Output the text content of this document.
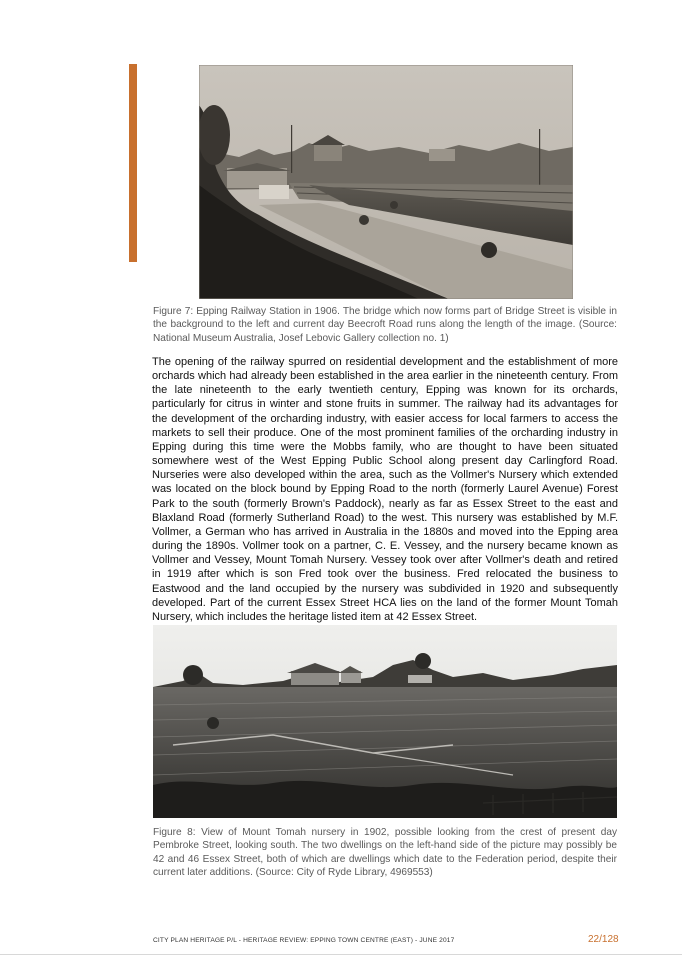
Figure 7: Epping Railway Station in 1906. The bridge which now forms part of Bridge Street is visible in the background to the left and current day Beecroft Road runs along the length of the image. (Source: National Museum Australia, Josef Lebovic Gallery collection no. 1)

The opening of the railway spurred on residential development and the establishment of more orchards which had already been established in the area earlier in the nineteenth century. From the late nineteenth to the early twentieth century, Epping was known for its orchards, particularly for citrus in winter and stone fruits in summer. The railway had its advantages for the development of the orcharding industry, with easier access for local farmers to access the markets to sell their produce. One of the most prominent families of the orcharding industry in Epping during this time were the Mobbs family, who are thought to have been situated somewhere west of the West Epping Public School along present day Carlingford Road. Nurseries were also developed within the area, such as the Vollmer's Nursery which extended was located on the block bound by Epping Road to the north (formerly Laurel Avenue) Forest Park to the south (formerly Brown's Paddock), nearly as far as Essex Street to the east and Blaxland Road (formerly Sutherland Road) to the west. This nursery was established by M.F. Vollmer, a German who has arrived in Australia in the 1880s and moved into the Epping area during the 1890s. Vollmer took on a partner, C. E. Vessey, and the nursery became known as Vollmer and Vessey, Mount Tomah Nursery. Vessey took over after Vollmer's death and retired in 1919 after which is son Fred took over the business. Fred relocated the business to Eastwood and the land occupied by the nursery was subdivided in 1920 and subsequently developed. Part of the current Essex Street HCA lies on the land of the former Mount Tomah Nursery, which includes the heritage listed item at 42 Essex Street.

Figure 8: View of Mount Tomah nursery in 1902, possible looking from the crest of present day Pembroke Street, looking south. The two dwellings on the left-hand side of the picture may possibly be 42 and 46 Essex Street, both of which are dwellings which date to the Federation period, despite their current later additions. (Source: City of Ryde Library, 4969553)

CITY PLAN HERITAGE P/L - HERITAGE REVIEW: EPPING TOWN CENTRE (EAST) - JUNE 2017	22/128
